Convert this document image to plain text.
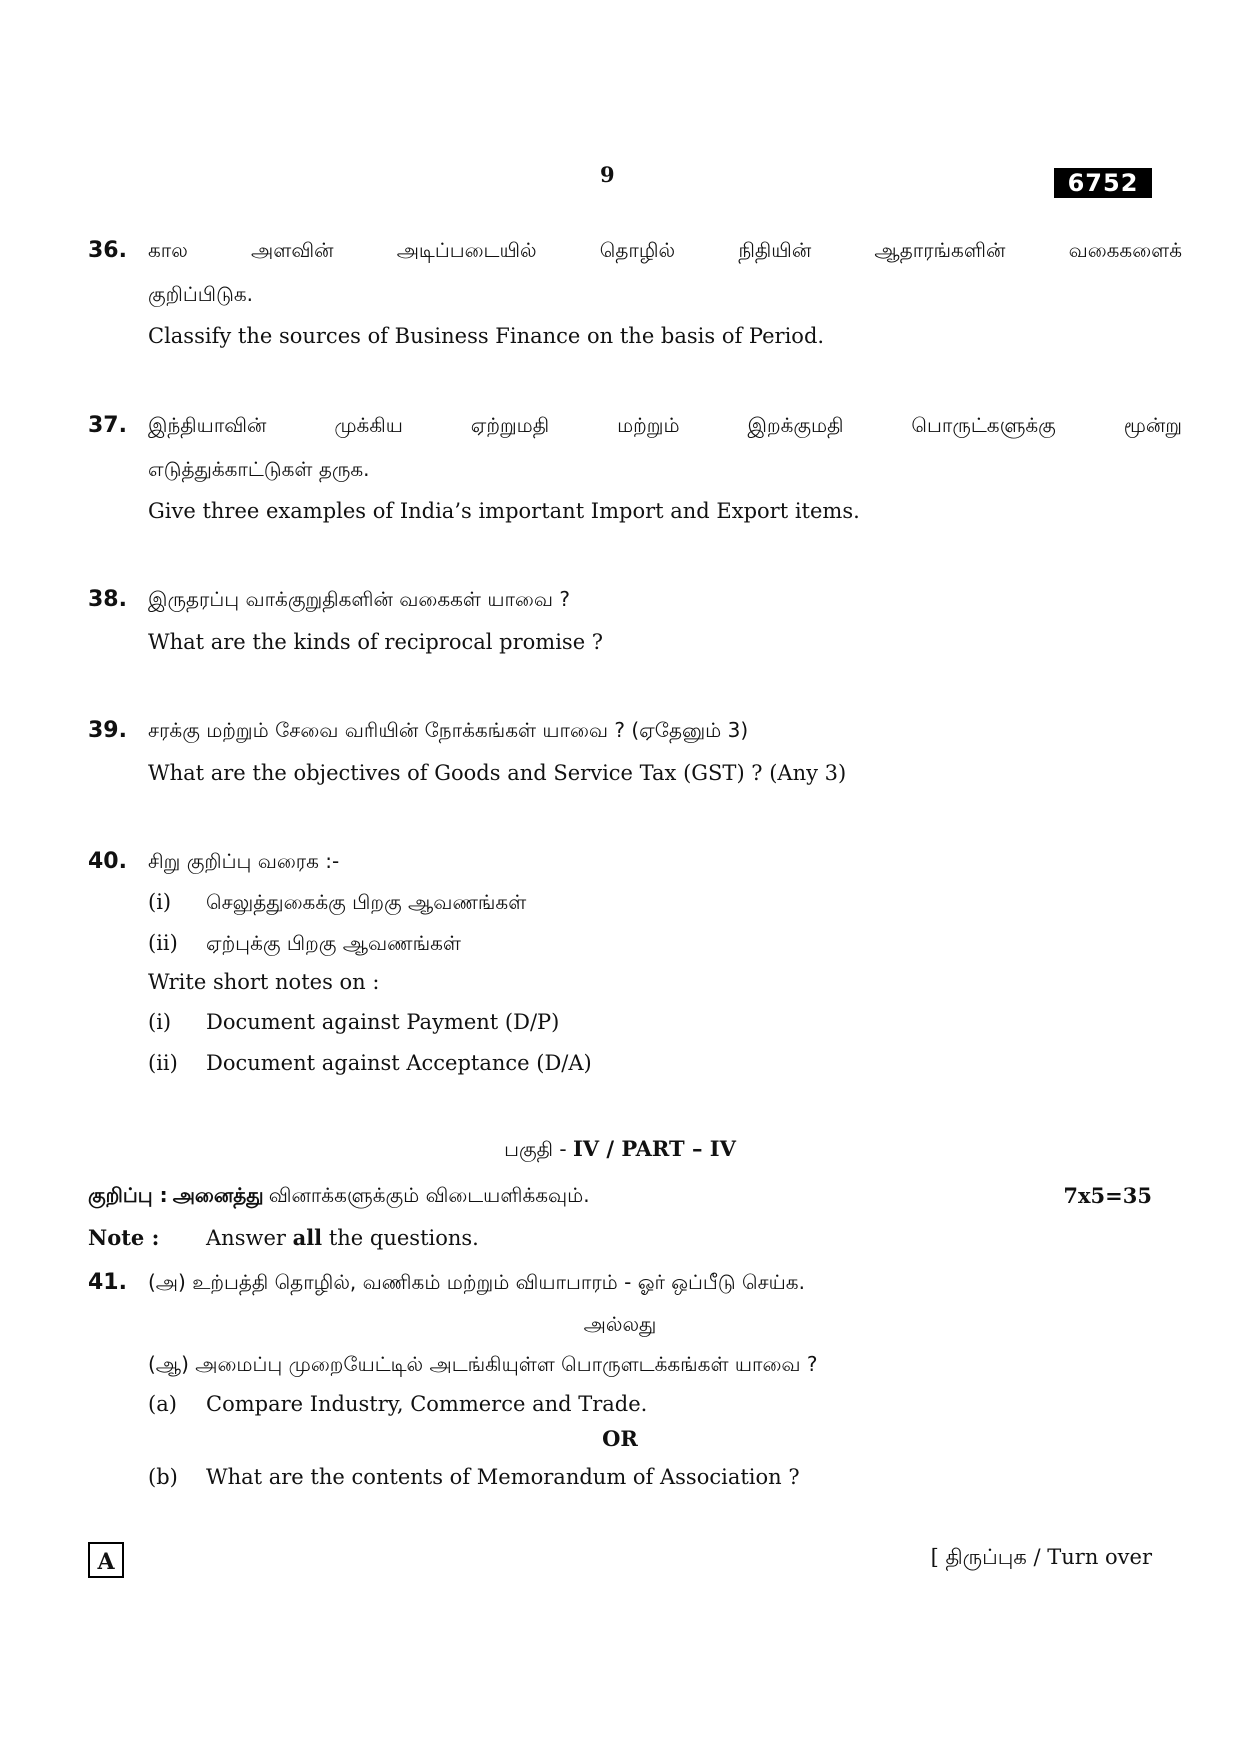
9	6752
36. கால அளவின் அடிப்படையில் தொழில் நிதியின் ஆதாரங்களின் வகைகளைக்
குறிப்பிடுக.
Classify the sources of Business Finance on the basis of Period.
37. இந்தியாவின் முக்கிய ஏற்றுமதி மற்றும் இறக்குமதி பொருட்களுக்கு மூன்று
எடுத்துக்காட்டுகள் தருக.
Give three examples of India’s important Import and Export items.
38. இருதரப்பு வாக்குறுதிகளின் வகைகள் யாவை ?
What are the kinds of reciprocal promise ?
39. சரக்கு மற்றும் சேவை வரியின் நோக்கங்கள் யாவை ? (ஏதேனும் 3)
What are the objectives of Goods and Service Tax (GST) ? (Any 3)
40. சிறு குறிப்பு வரைக :-
(i) செலுத்துகைக்கு பிறகு ஆவணங்கள்
(ii) ஏற்புக்கு பிறகு ஆவணங்கள்
Write short notes on :
(i) Document against Payment (D/P)
(ii) Document against Acceptance (D/A)
பகுதி - IV / PART – IV
குறிப்பு : அனைத்து வினாக்களுக்கும் விடையளிக்கவும்.	7x5=35
Note : Answer all the questions.
41. (அ) உற்பத்தி தொழில், வணிகம் மற்றும் வியாபாரம் - ஓர் ஒப்பீடு செய்க.
அல்லது
(ஆ) அமைப்பு முறையேட்டில் அடங்கியுள்ள பொருளடக்கங்கள் யாவை ?
(a) Compare Industry, Commerce and Trade.
OR
(b) What are the contents of Memorandum of Association ?
A	[ திருப்புக / Turn over
